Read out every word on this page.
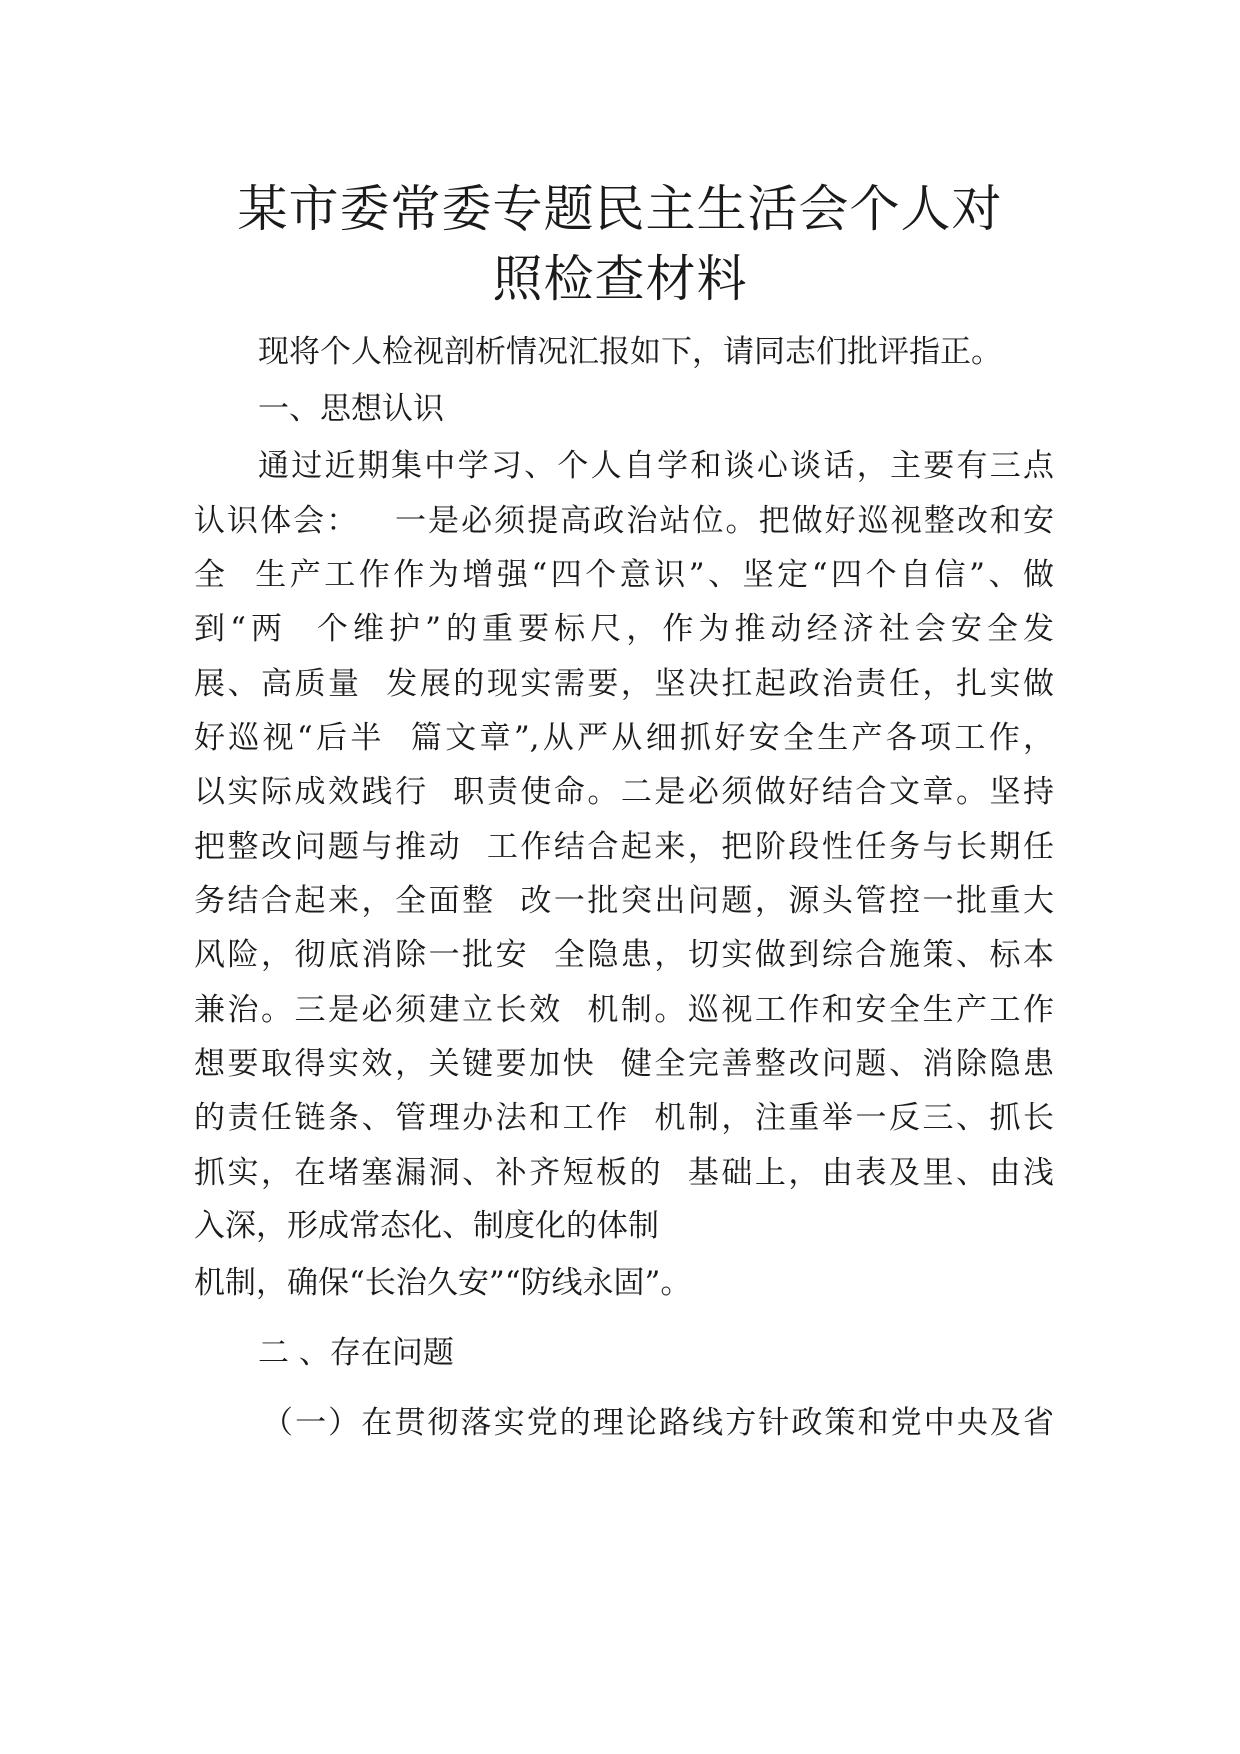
某市委常委专题民主生活会个人对
照检查材料

现将个人检视剖析情况汇报如下，请同志们批评指正。

一、思想认识

通过近期集中学习、个人自学和谈心谈话，主要有三点

认识体会：   一是必须提高政治站位。把做好巡视整改和安

全  生产工作作为增强“四个意识”、坚定“四个自信”、做

到“两  个维护”的重要标尺，作为推动经济社会安全发

展、高质量  发展的现实需要，坚决扛起政治责任，扎实做

好巡视“后半  篇文章”,从严从细抓好安全生产各项工作，

以实际成效践行  职责使命。二是必须做好结合文章。坚持

把整改问题与推动  工作结合起来，把阶段性任务与长期任

务结合起来，全面整  改一批突出问题，源头管控一批重大

风险，彻底消除一批安  全隐患，切实做到综合施策、标本

兼治。三是必须建立长效  机制。巡视工作和安全生产工作

想要取得实效，关键要加快  健全完善整改问题、消除隐患

的责任链条、管理办法和工作  机制，注重举一反三、抓长

抓实，在堵塞漏洞、补齐短板的  基础上，由表及里、由浅

入深，形成常态化、制度化的体制

机制，确保“长治久安”“防线永固”。

二 、存在问题

（一）在贯彻落实党的理论路线方针政策和党中央及省
